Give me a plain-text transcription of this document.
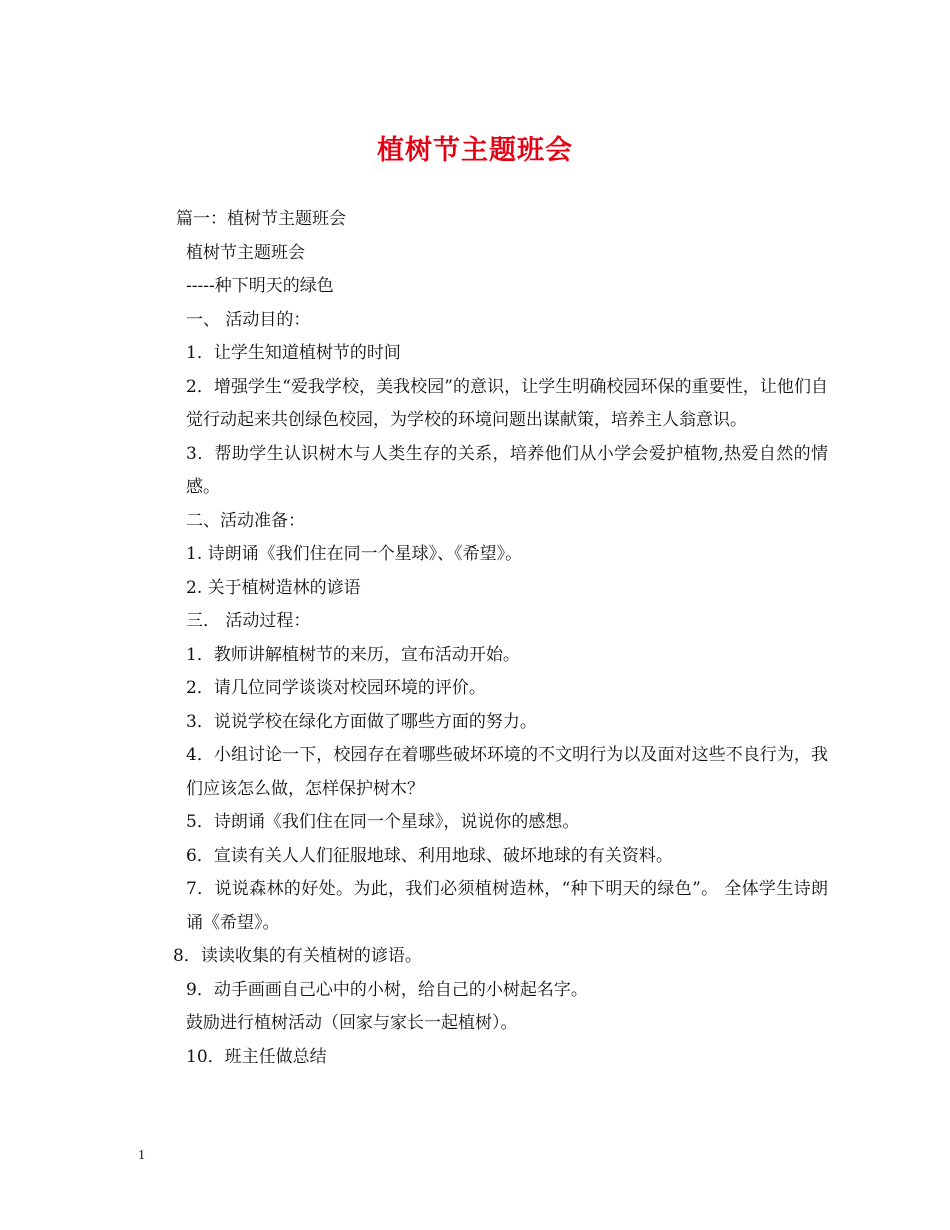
植树节主题班会

篇一：植树节主题班会

植树节主题班会

-----种下明天的绿色

一、 活动目的：

1．让学生知道植树节的时间

2．增强学生“爱我学校，美我校园”的意识，让学生明确校园环保的重要性，让他们自觉行动起来共创绿色校园，为学校的环境问题出谋献策，培养主人翁意识。

3．帮助学生认识树木与人类生存的关系，培养他们从小学会爱护植物,热爱自然的情感。

二、活动准备：

1. 诗朗诵《我们住在同一个星球》、《希望》。

2. 关于植树造林的谚语

三． 活动过程：

1．教师讲解植树节的来历，宣布活动开始。

2．请几位同学谈谈对校园环境的评价。

3．说说学校在绿化方面做了哪些方面的努力。

4．小组讨论一下，校园存在着哪些破坏环境的不文明行为以及面对这些不良行为，我们应该怎么做，怎样保护树木？

5．诗朗诵《我们住在同一个星球》，说说你的感想。

6．宣读有关人人们征服地球、利用地球、破坏地球的有关资料。

7．说说森林的好处。为此，我们必须植树造林，“种下明天的绿色”。 全体学生诗朗诵《希望》。

8．读读收集的有关植树的谚语。

9．动手画画自己心中的小树，给自己的小树起名字。

鼓励进行植树活动（回家与家长一起植树）。

10．班主任做总结

1
